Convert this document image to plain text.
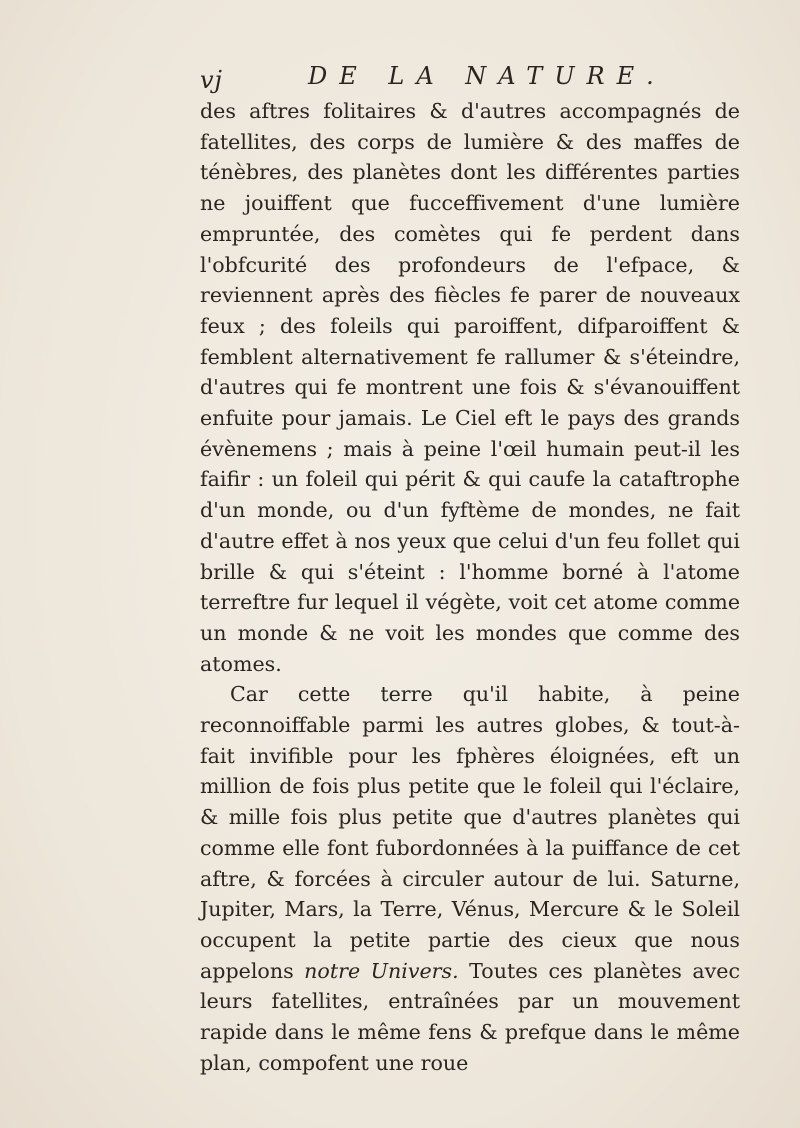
vj	DE LA NATURE.

des aftres folitaires & d'autres accompagnés de fatellites, des corps de lumière & des maffes de ténèbres, des planètes dont les différentes parties ne jouiffent que fucceffivement d'une lumière empruntée, des comètes qui fe perdent dans l'obfcurité des profondeurs de l'efpace, & reviennent après des fiècles fe parer de nouveaux feux ; des foleils qui paroiffent, difparoiffent & femblent alternativement fe rallumer & s'éteindre, d'autres qui fe montrent une fois & s'évanouiffent enfuite pour jamais. Le Ciel eft le pays des grands évènemens ; mais à peine l'œil humain peut-il les faifir : un foleil qui périt & qui caufe la cataftrophe d'un monde, ou d'un fyftème de mondes, ne fait d'autre effet à nos yeux que celui d'un feu follet qui brille & qui s'éteint : l'homme borné à l'atome terreftre fur lequel il végète, voit cet atome comme un monde & ne voit les mondes que comme des atomes.

Car cette terre qu'il habite, à peine reconnoiffable parmi les autres globes, & tout-à-fait invifible pour les fphères éloignées, eft un million de fois plus petite que le foleil qui l'éclaire, & mille fois plus petite que d'autres planètes qui comme elle font fubordonnées à la puiffance de cet aftre, & forcées à circuler autour de lui. Saturne, Jupiter, Mars, la Terre, Vénus, Mercure & le Soleil occupent la petite partie des cieux que nous appelons notre Univers. Toutes ces planètes avec leurs fatellites, entraînées par un mouvement rapide dans le même fens & prefque dans le même plan, compofent une roue
